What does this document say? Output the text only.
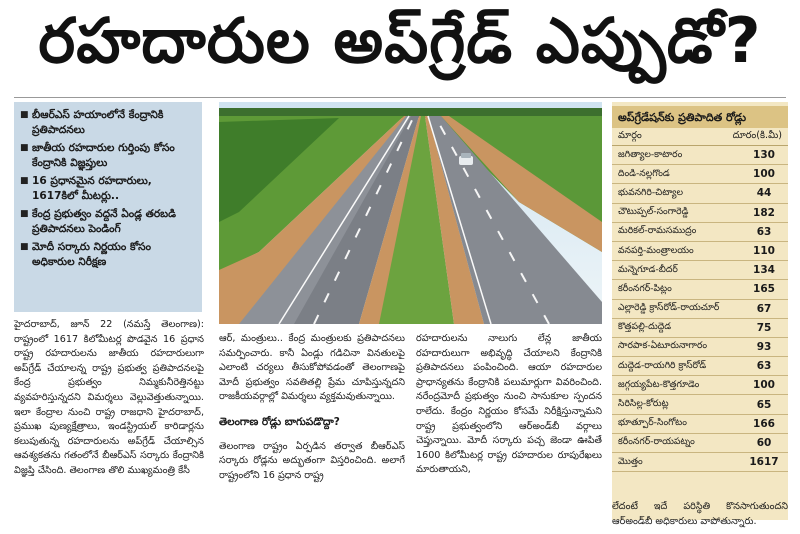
రహదారుల అప్‌గ్రేడ్ ఎప్పుడో?
■ బీఆర్ఎస్ హయాంలోనే కేంద్రానికి ప్రతిపాదనలు
■ జాతీయ రహదారుల గుర్తింపు కోసం కేంద్రానికి విజ్ఞప్తులు
■ 16 ప్రధానమైన రహదారులు, 1617కిలో మీటర్లు..
■ కేంద్ర ప్రభుత్వం వద్దనే ఏండ్ల తరబడి ప్రతిపాదనలు పెండింగ్
■ మోదీ సర్కారు నిర్ణయం కోసం అధికారుల నిరీక్షణ
అప్‌గ్రేడేషన్‌కు ప్రతిపాదిత రోడ్లు
మార్గం	దూరం(కి.మీ)
జగిత్యాల-కాటారం	130
దిండి-నల్లగొండ	100
భువనగిరి-చిట్యాల	44
చౌటుప్పల్-సంగారెడ్డి	182
మరికల్-రామసముద్రం	63
వనపర్తి-మంత్రాలయం	110
మన్నెగూడ-బీదర్	134
కరీంనగర్-పిట్లం	165
ఎల్లారెడ్డి క్రాస్‌రోడ్-రాయచూర్	67
కొత్తపల్లి-దుద్దెడ	75
సారపాక-ఏటూరునాగారం	93
దుద్దెడ-రాయగిరి క్రాస్‌రోడ్	63
జగ్గయ్యపేట-కొత్తగూడెం	100
సిరిసిల్ల-కోరుట్ల	65
భూత్పూర్-సింగోటం	166
కరీంనగర్-రాయపట్నం	60
మొత్తం	1617

హైదరాబాద్, జూన్ 22 (నమస్తే తెలంగాణ): రాష్ట్రంలో 1617 కిలోమీటర్ల పొడవైన 16 ప్రధాన రాష్ట్ర రహదారులను జాతీయ రహదారులుగా అప్‌గ్రేడ్ చేయాలన్న రాష్ట్ర ప్రభుత్వ ప్రతిపాదనలపై కేంద్ర ప్రభుత్వం నిమ్మకునీరెత్తినట్టు వ్యవహరిస్తున్నదని విమర్శలు వెల్లువెత్తుతున్నాయి. ఇలా కేంద్రాల నుంచి రాష్ట్ర రాజధాని హైదరాబాద్, ప్రముఖ పుణ్యక్షేత్రాలు, ఇండస్ట్రియల్ కారిడార్లను కలుపుతున్న రహదారులను అప్‌గ్రేడ్ చేయాల్సిన ఆవశ్యకతను గతంలోనే బీఆర్ఎస్ సర్కారు కేంద్రానికి విజ్ఞప్తి చేసింది. తెలంగాణ తొలి ముఖ్యమంత్రి కేసీ

ఆర్, మంత్రులు.. కేంద్ర మంత్రులకు ప్రతిపాదనలు సమర్పించారు. కానీ ఏండ్లు గడిచినా వినతులపై ఎలాంటి చర్యలు తీసుకోపోవడంతో తెలంగాణపై మోదీ ప్రభుత్వం సవతితల్లి ప్రేమ చూపిస్తున్నదని రాజకీయవర్గాల్లో విమర్శలు వ్యక్తమవుతున్నాయి.

తెలంగాణ రోడ్లు బాగుపడొద్దా?

తెలంగాణ రాష్ట్రం ఏర్పడిన తర్వాత బీఆర్ఎస్ సర్కారు రోడ్లను అద్భుతంగా విస్తరించింది. అలాగే రాష్ట్రంలోని 16 ప్రధాన రాష్ట్ర

రహదారులను నాలుగు లేన్ల జాతీయ రహదారులుగా అభివృద్ధి చేయాలని కేంద్రానికి ప్రతిపాదనలు పంపించింది. ఆయా రహదారుల ప్రాధాన్యతను కేంద్రానికి పలుమార్లుగా వివరించింది. నరేంద్రమోదీ ప్రభుత్వం నుంచి సానుకూల స్పందన రాలేదు. కేంద్రం నిర్ణయం కోసమే నిరీక్షిస్తున్నామని రాష్ట్ర ప్రభుత్వంలోని ఆర్అండ్‌బీ వర్గాలు చెప్తున్నాయి. మోదీ సర్కారు పచ్చ జెండా ఊపితే 1600 కిలోమీటర్ల రాష్ట్ర రహదారుల రూపురేఖలు మారుతాయని,

లేదంటే ఇదే పరిస్థితి కొనసాగుతుందని ఆర్అండ్‌బీ అధికారులు వాపోతున్నారు.
